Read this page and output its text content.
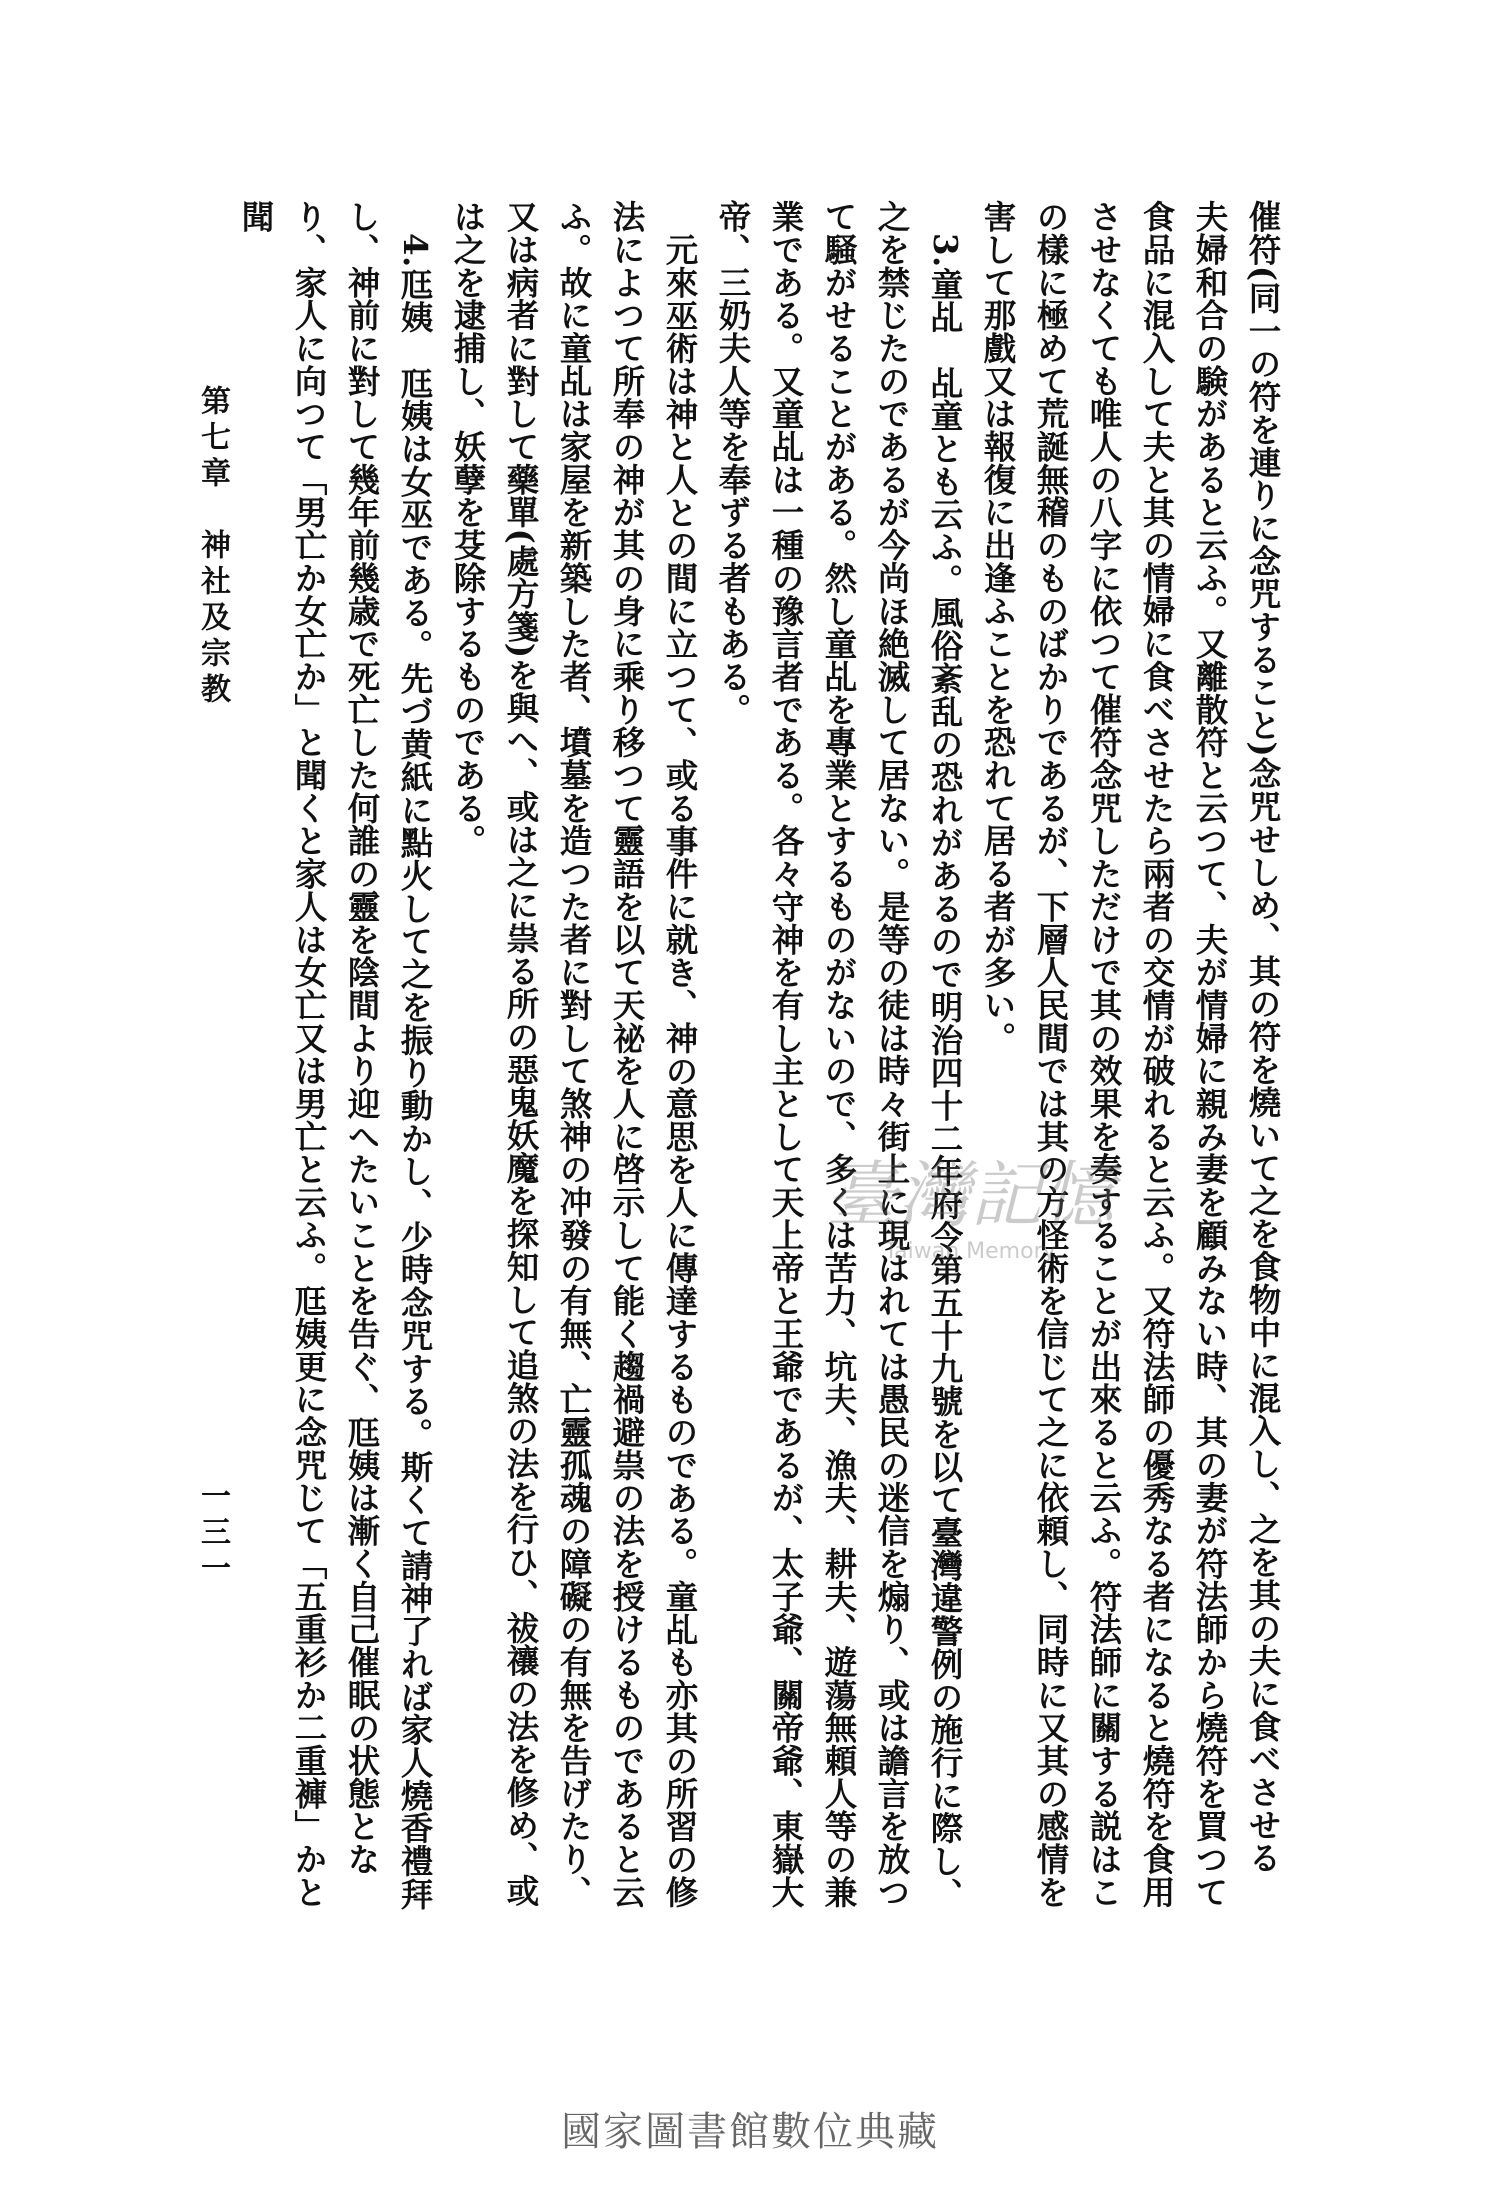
第七章　神社及宗教
一三一	催符(同一の符を連りに念咒すること)念咒せしめ、其の符を燒いて之を食物中に混入し、之を其の夫に食べさせる

夫婦和合の験があると云ふ。又離散符と云つて、夫が情婦に親み妻を顧みない時、其の妻が符法師から燒符を買つて食品に混入して夫と其の情婦に食べさせたら兩者の交情が破れると云ふ。又符法師の優秀なる者になると燒符を食用させなくても唯人の八字に依つて催符念咒しただけで其の效果を奏することが出來ると云ふ。符法師に關する説はこの樣に極めて荒誕無稽のものばかりであるが、下層人民間では其の方怪術を信じて之に依頼し、同時に又其の感情を害して那戲又は報復に出逢ふことを恐れて居る者が多い。

3.童乩　乩童とも云ふ。風俗紊乱の恐れがあるので明治四十二年府令第五十九號を以て臺灣違警例の施行に際し、之を禁じたのであるが今尚ほ絶滅して居ない。是等の徒は時々街上に現はれては愚民の迷信を煽り、或は譫言を放つて騒がせることがある。然し童乩を專業とするものがないので、多くは苦力、坑夫、漁夫、耕夫、遊蕩無頼人等の兼業である。又童乩は一種の豫言者である。各々守神を有し主として天上帝と王爺であるが、太子爺、關帝爺、東嶽大帝、三奶夫人等を奉ずる者もある。

元來巫術は神と人との間に立つて、或る事件に就き、神の意思を人に傳達するものである。童乩も亦其の所習の修法によつて所奉の神が其の身に乘り移つて靈語を以て天祕を人に啓示して能く趨禍避祟の法を授けるものであると云ふ。故に童乩は家屋を新築した者、墳墓を造つた者に對して煞神の冲發の有無、亡靈孤魂の障礙の有無を告げたり、又は病者に對して藥單(處方箋)を與へ、或は之に祟る所の惡鬼妖魔を探知して追煞の法を行ひ、祓禳の法を修め、或は之を逮捕し、妖孽を芟除するものである。

4.尫姨　尫姨は女巫である。先づ黄紙に點火して之を振り動かし、少時念咒する。斯くて請神了れば家人燒香禮拜し、神前に對して幾年前幾歳で死亡した何誰の靈を陰間より迎へたいことを告ぐ、尫姨は漸く自己催眠の状態となり、家人に向つて「男亡か女亡か」と聞くと家人は女亡又は男亡と云ふ。尫姨更に念咒じて「五重衫か二重褲」かと聞

臺灣記憶
Taiwan Memory
國家圖書館數位典藏
